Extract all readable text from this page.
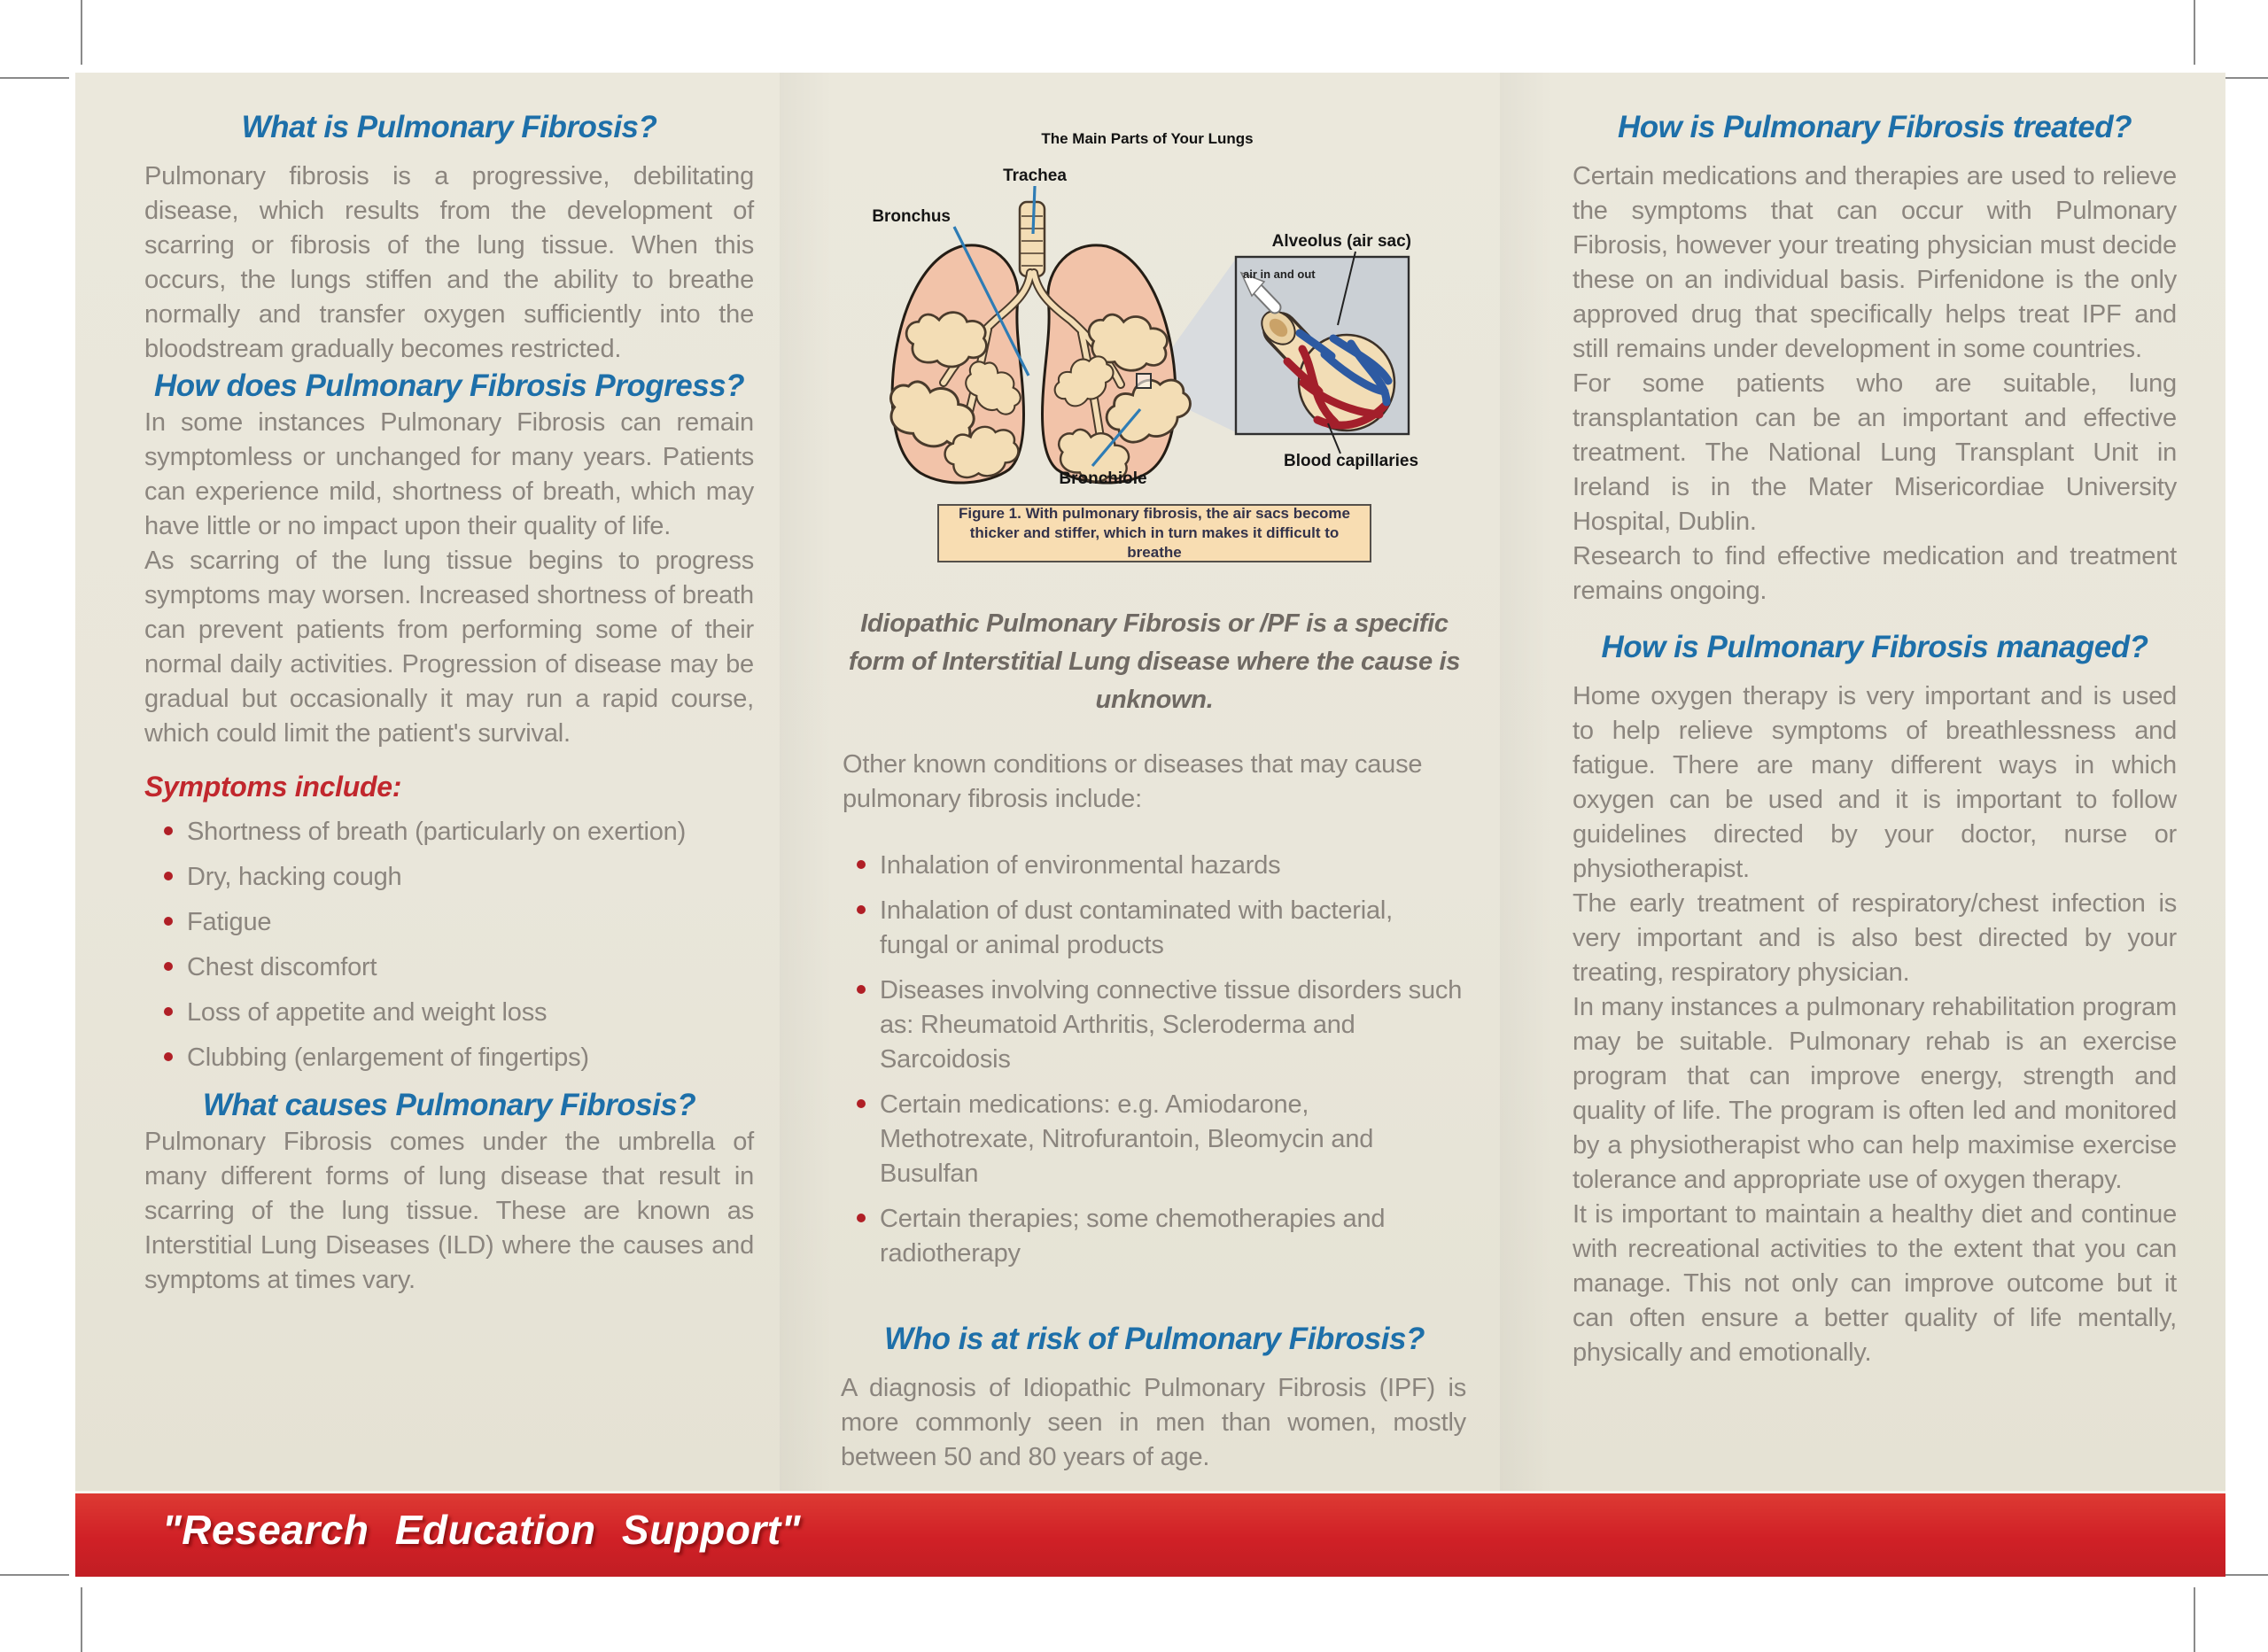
What is Pulmonary Fibrosis?

Pulmonary fibrosis is a progressive, debilitating disease, which results from the development of scarring or fibrosis of the lung tissue. When this occurs, the lungs stiffen and the ability to breathe normally and transfer oxygen sufficiently into the bloodstream gradually becomes restricted.

How does Pulmonary Fibrosis Progress?

In some instances Pulmonary Fibrosis can remain symptomless or unchanged for many years. Patients can experience mild, shortness of breath, which may have little or no impact upon their quality of life.

As scarring of the lung tissue begins to progress symptoms may worsen. Increased shortness of breath can prevent patients from performing some of their normal daily activities. Progression of disease may be gradual but occasionally it may run a rapid course, which could limit the patient's survival.

Symptoms include:
Shortness of breath (particularly on exertion)
Dry, hacking cough
Fatigue
Chest discomfort
Loss of appetite and weight loss
Clubbing (enlargement of fingertips)
What causes Pulmonary Fibrosis?

Pulmonary Fibrosis comes under the umbrella of many different forms of lung disease that result in scarring of the lung tissue. These are known as Interstitial Lung Diseases (ILD) where the causes and symptoms at times vary.

The Main Parts of Your Lungs
Trachea
Bronchus
Bronchiole
Alveolus (air sac)
air in and out
Blood capillaries
Figure 1. With pulmonary fibrosis, the air sacs become thicker and stiffer, which in turn makes it difficult to breathe
Idiopathic Pulmonary Fibrosis or /PF is a specific form of Interstitial Lung disease where the cause is unknown.

Other known conditions or diseases that may cause pulmonary fibrosis include:

Inhalation of environmental hazards
Inhalation of dust contaminated with bacterial, fungal or animal products
Diseases involving connective tissue disorders such as: Rheumatoid Arthritis, Scleroderma and Sarcoidosis
Certain medications: e.g. Amiodarone, Methotrexate, Nitrofurantoin, Bleomycin and Busulfan
Certain therapies; some chemotherapies and radiotherapy
Who is at risk of Pulmonary Fibrosis?

A diagnosis of Idiopathic Pulmonary Fibrosis (IPF) is more commonly seen in men than women, mostly between 50 and 80 years of age.

How is Pulmonary Fibrosis treated?

Certain medications and therapies are used to relieve the symptoms that can occur with Pulmonary Fibrosis, however your treating physician must decide these on an individual basis. Pirfenidone is the only approved drug that specifically helps treat IPF and still remains under development in some countries.

For some patients who are suitable, lung transplantation can be an important and effective treatment. The National Lung Transplant Unit in Ireland is in the Mater Misericordiae University Hospital, Dublin.

Research to find effective medication and treatment remains ongoing.

How is Pulmonary Fibrosis managed?

Home oxygen therapy is very important and is used to help relieve symptoms of breathlessness and fatigue. There are many different ways in which oxygen can be used and it is important to follow guidelines directed by your doctor, nurse or physiotherapist.

The early treatment of respiratory/chest infection is very important and is also best directed by your treating, respiratory physician.

In many instances a pulmonary rehabilitation program may be suitable. Pulmonary rehab is an exercise program that can improve energy, strength and quality of life. The program is often led and monitored by a physiotherapist who can help maximise exercise tolerance and appropriate use of oxygen therapy.

It is important to maintain a healthy diet and continue with recreational activities to the extent that you can manage. This not only can improve outcome but it can often ensure a better quality of life mentally, physically and emotionally.

"Research Education Support"
